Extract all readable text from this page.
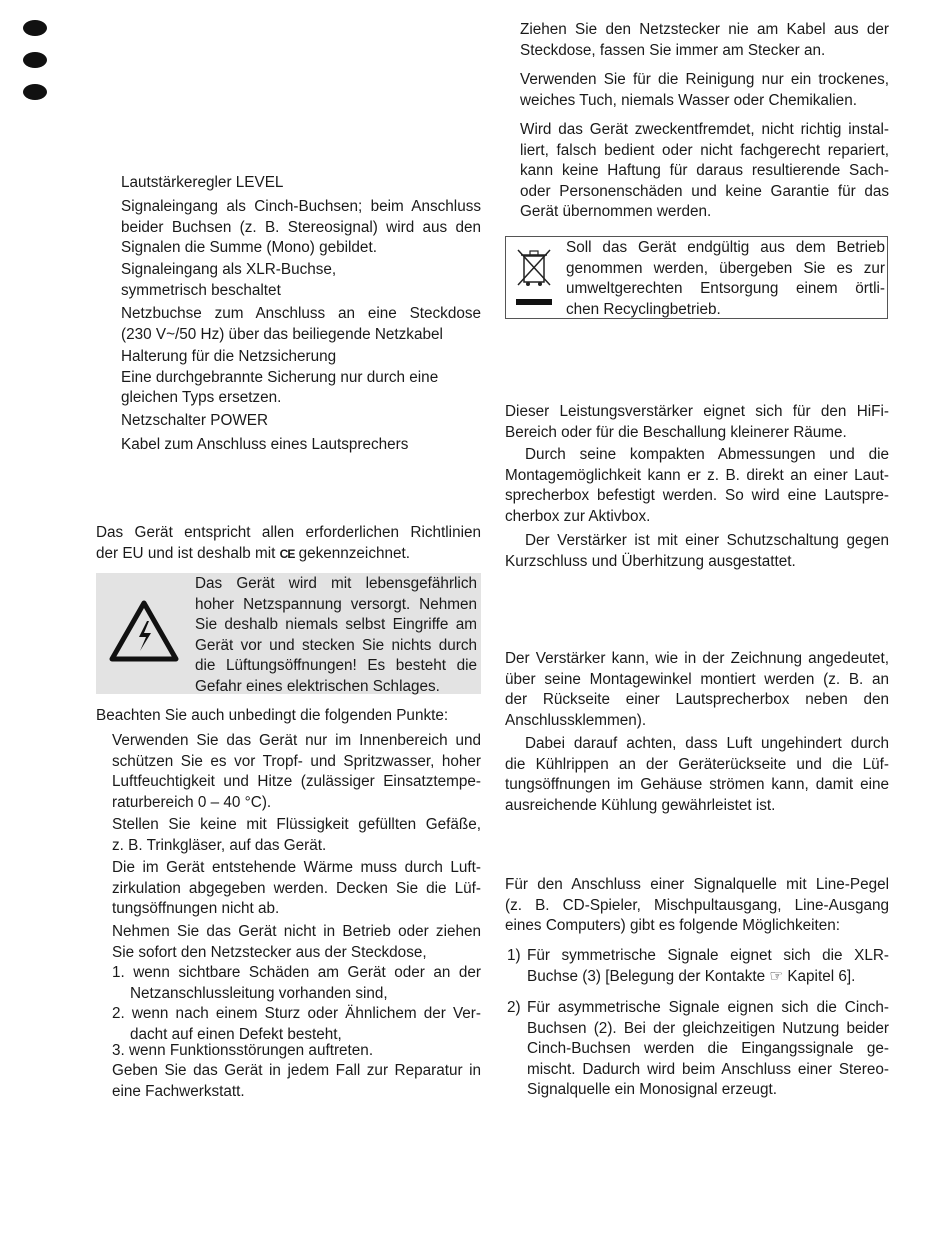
Lautstärkeregler LEVEL

Signaleingang als Cinch-Buchsen; beim Anschluss
beider Buchsen (z. B. Stereosignal) wird aus den
Signalen die Summe (Mono) gebildet.

Signaleingang als XLR-Buchse,
symmetrisch beschaltet

Netzbuchse zum Anschluss an eine Steckdose
(230 V~/50 Hz) über das beiliegende Netzkabel

Halterung für die Netzsicherung
Eine durchgebrannte Sicherung nur durch eine
gleichen Typs ersetzen.

Netzschalter POWER

Kabel zum Anschluss eines Lautsprechers

Das Gerät entspricht allen erforderlichen Richtlinien
der EU und ist deshalb mit CE gekennzeichnet.

Das Gerät wird mit lebensgefährlich
hoher Netzspannung versorgt. Nehmen
Sie deshalb niemals selbst Eingriffe am
Gerät vor und stecken Sie nichts durch
die Lüftungsöffnungen! Es besteht die
Gefahr eines elektrischen Schlages.

Beachten Sie auch unbedingt die folgenden Punkte:

Verwenden Sie das Gerät nur im Innenbereich und
schützen Sie es vor Tropf- und Spritzwasser, hoher
Luftfeuchtigkeit und Hitze (zulässiger Einsatztempe-
raturbereich 0 – 40 °C).

Stellen Sie keine mit Flüssigkeit gefüllten Gefäße,
z. B. Trinkgläser, auf das Gerät.

Die im Gerät entstehende Wärme muss durch Luft-
zirkulation abgegeben werden. Decken Sie die Lüf-
tungsöffnungen nicht ab.

Nehmen Sie das Gerät nicht in Betrieb oder ziehen
Sie sofort den Netzstecker aus der Steckdose,

1. wenn sichtbare Schäden am Gerät oder an der
Netzanschlussleitung vorhanden sind,

2. wenn nach einem Sturz oder Ähnlichem der Ver-
dacht auf einen Defekt besteht,

3. wenn Funktionsstörungen auftreten.

Geben Sie das Gerät in jedem Fall zur Reparatur in
eine Fachwerkstatt.

Ziehen Sie den Netzstecker nie am Kabel aus der
Steckdose, fassen Sie immer am Stecker an.

Verwenden Sie für die Reinigung nur ein trockenes,
weiches Tuch, niemals Wasser oder Chemikalien.

Wird das Gerät zweckentfremdet, nicht richtig instal-
liert, falsch bedient oder nicht fachgerecht repariert,
kann keine Haftung für daraus resultierende Sach-
oder Personenschäden und keine Garantie für das
Gerät übernommen werden.

Soll das Gerät endgültig aus dem Betrieb
genommen werden, übergeben Sie es zur
umweltgerechten Entsorgung einem örtli-
chen Recyclingbetrieb.

Dieser Leistungsverstärker eignet sich für den HiFi-
Bereich oder für die Beschallung kleinerer Räume.

Durch seine kompakten Abmessungen und die
Montagemöglichkeit kann er z. B. direkt an einer Laut-
sprecherbox befestigt werden. So wird eine Lautspre-
cherbox zur Aktivbox.

Der Verstärker ist mit einer Schutzschaltung gegen
Kurzschluss und Überhitzung ausgestattet.

Der Verstärker kann, wie in der Zeichnung angedeutet,
über seine Montagewinkel montiert werden (z. B. an
der Rückseite einer Lautsprecherbox neben den
Anschlussklemmen).

Dabei darauf achten, dass Luft ungehindert durch
die Kühlrippen an der Geräterückseite und die Lüf-
tungsöffnungen im Gehäuse strömen kann, damit eine
ausreichende Kühlung gewährleistet ist.

Für den Anschluss einer Signalquelle mit Line-Pegel
(z. B. CD-Spieler, Mischpultausgang, Line-Ausgang
eines Computers) gibt es folgende Möglichkeiten:

1) Für symmetrische Signale eignet sich die XLR-
Buchse (3) [Belegung der Kontakte ☞ Kapitel 6].

2) Für asymmetrische Signale eignen sich die Cinch-
Buchsen (2). Bei der gleichzeitigen Nutzung beider
Cinch-Buchsen werden die Eingangssignale ge-
mischt. Dadurch wird beim Anschluss einer Stereo-
Signalquelle ein Monosignal erzeugt.
